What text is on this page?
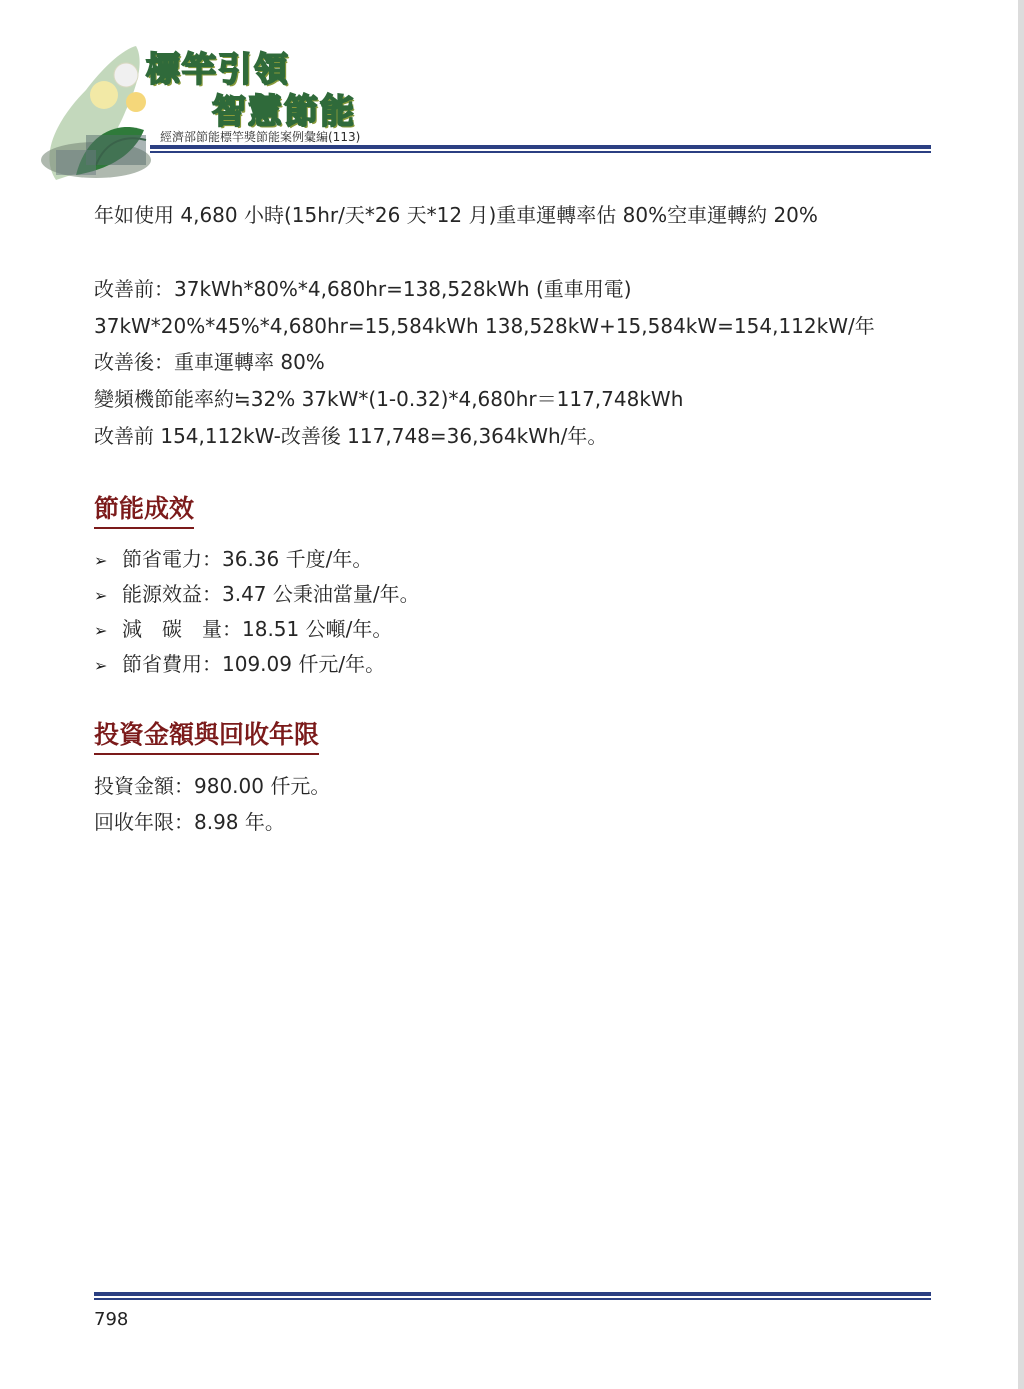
標竿引領
智慧節能
經濟部節能標竿獎節能案例彙編(113)
年如使用 4,680 小時(15hr/天*26 天*12 月)重車運轉率估 80%空車運轉約 20%
改善前：37kWh*80%*4,680hr=138,528kWh (重車用電)
37kW*20%*45%*4,680hr=15,584kWh 138,528kW+15,584kW=154,112kW/年
改善後：重車運轉率 80%
變頻機節能率約≒32% 37kW*(1-0.32)*4,680hr＝117,748kWh
改善前 154,112kW-改善後 117,748=36,364kWh/年。
節能成效
➢ 節省電力：36.36 千度/年。
➢ 能源效益：3.47 公秉油當量/年。
➢ 減　碳　量：18.51 公噸/年。
➢ 節省費用：109.09 仟元/年。
投資金額與回收年限
投資金額：980.00 仟元。
回收年限：8.98 年。
798
